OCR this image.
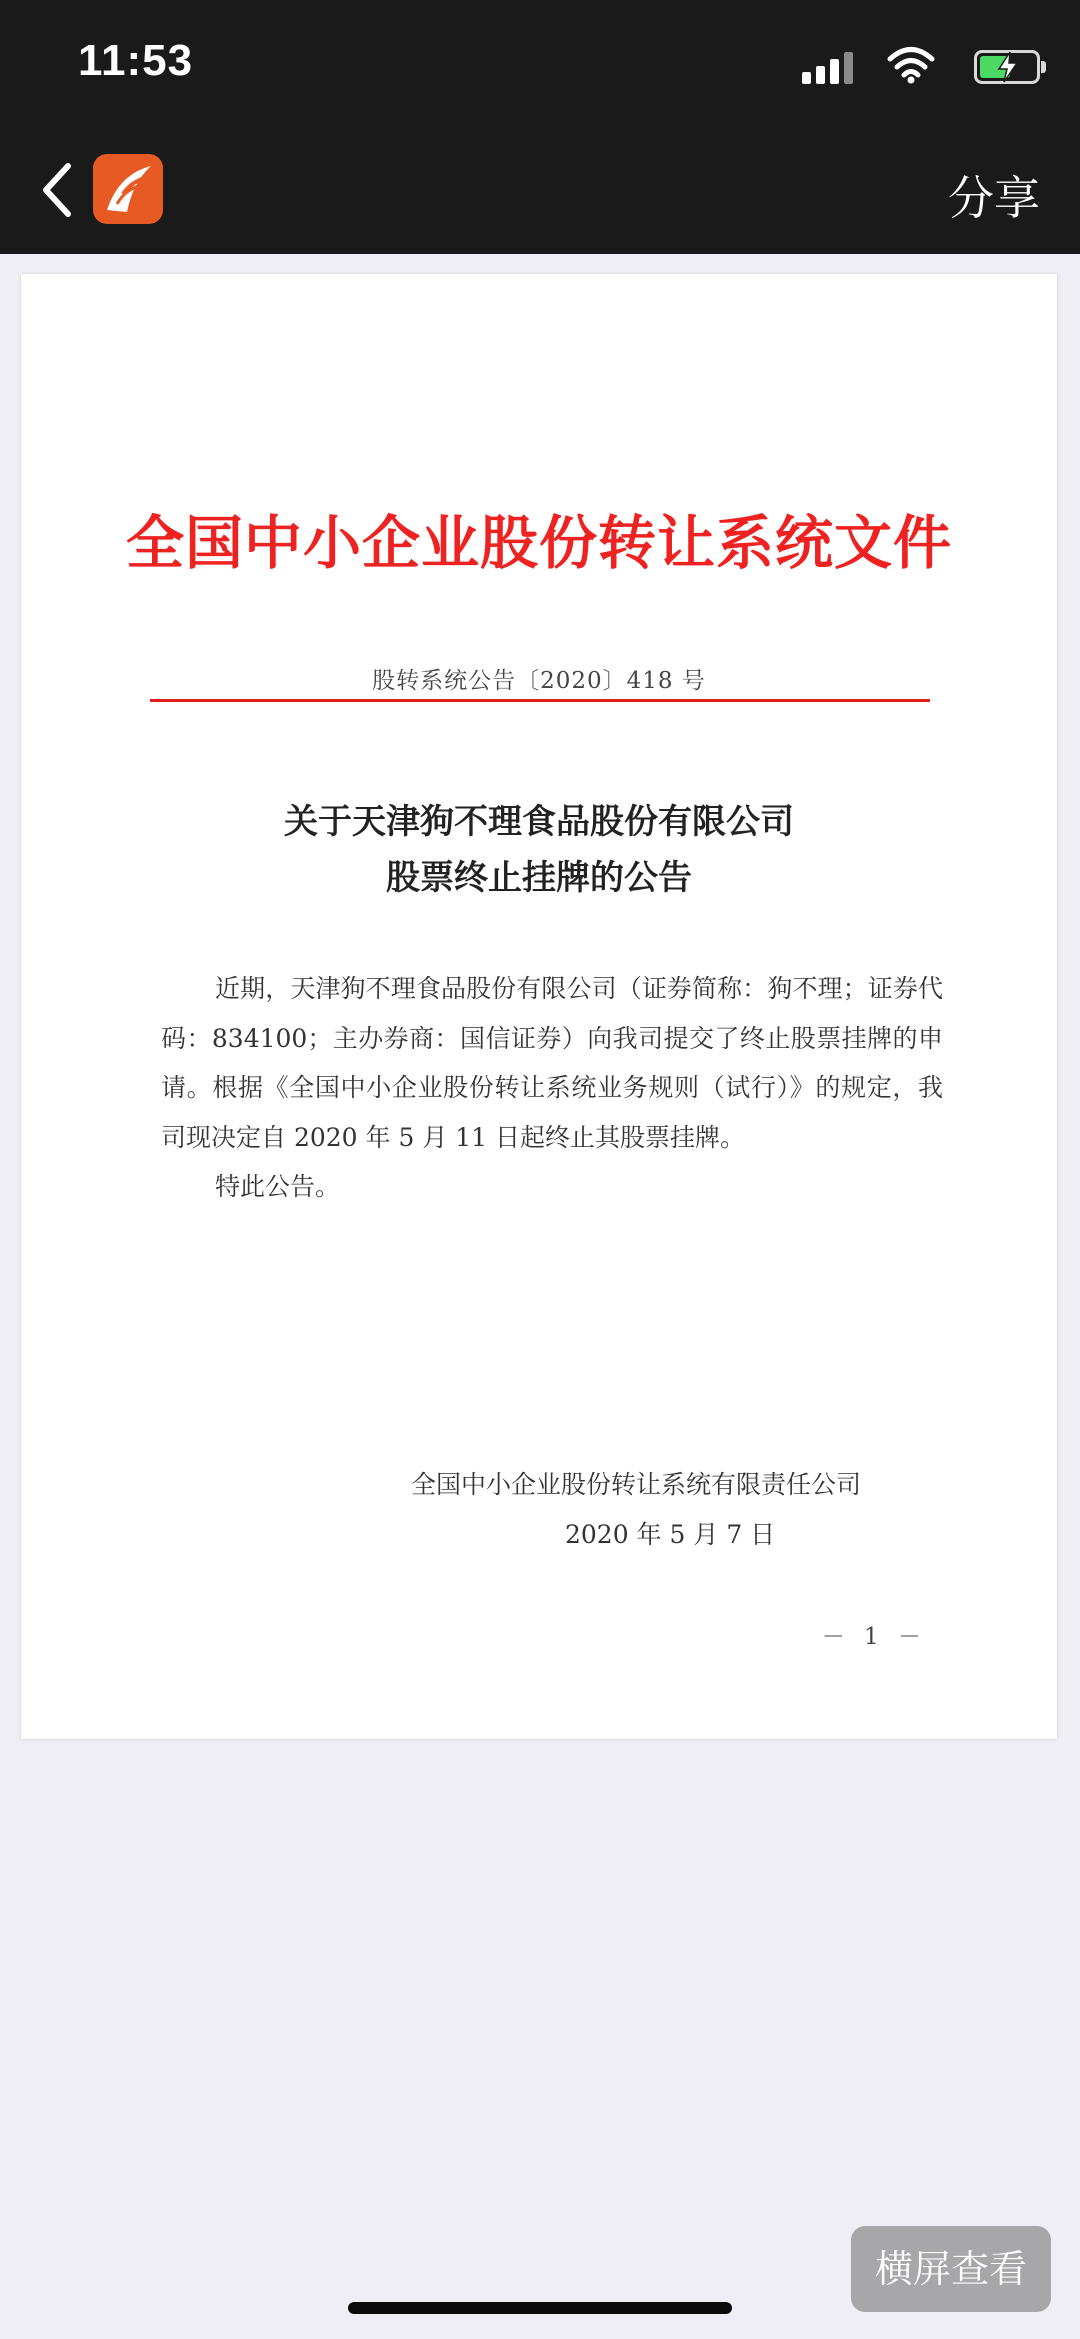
11:53
分享
全国中小企业股份转让系统文件
股转系统公告〔2020〕418 号
关于天津狗不理食品股份有限公司
股票终止挂牌的公告

近期，天津狗不理食品股份有限公司（证券简称：狗不理；证券代码：834100；主办券商：国信证券）向我司提交了终止股票挂牌的申请。根据《全国中小企业股份转让系统业务规则（试行）》的规定，我司现决定自 2020 年 5 月 11 日起终止其股票挂牌。

特此公告。

全国中小企业股份转让系统有限责任公司
2020 年 5 月 7 日
－ 1 －
横屏查看
